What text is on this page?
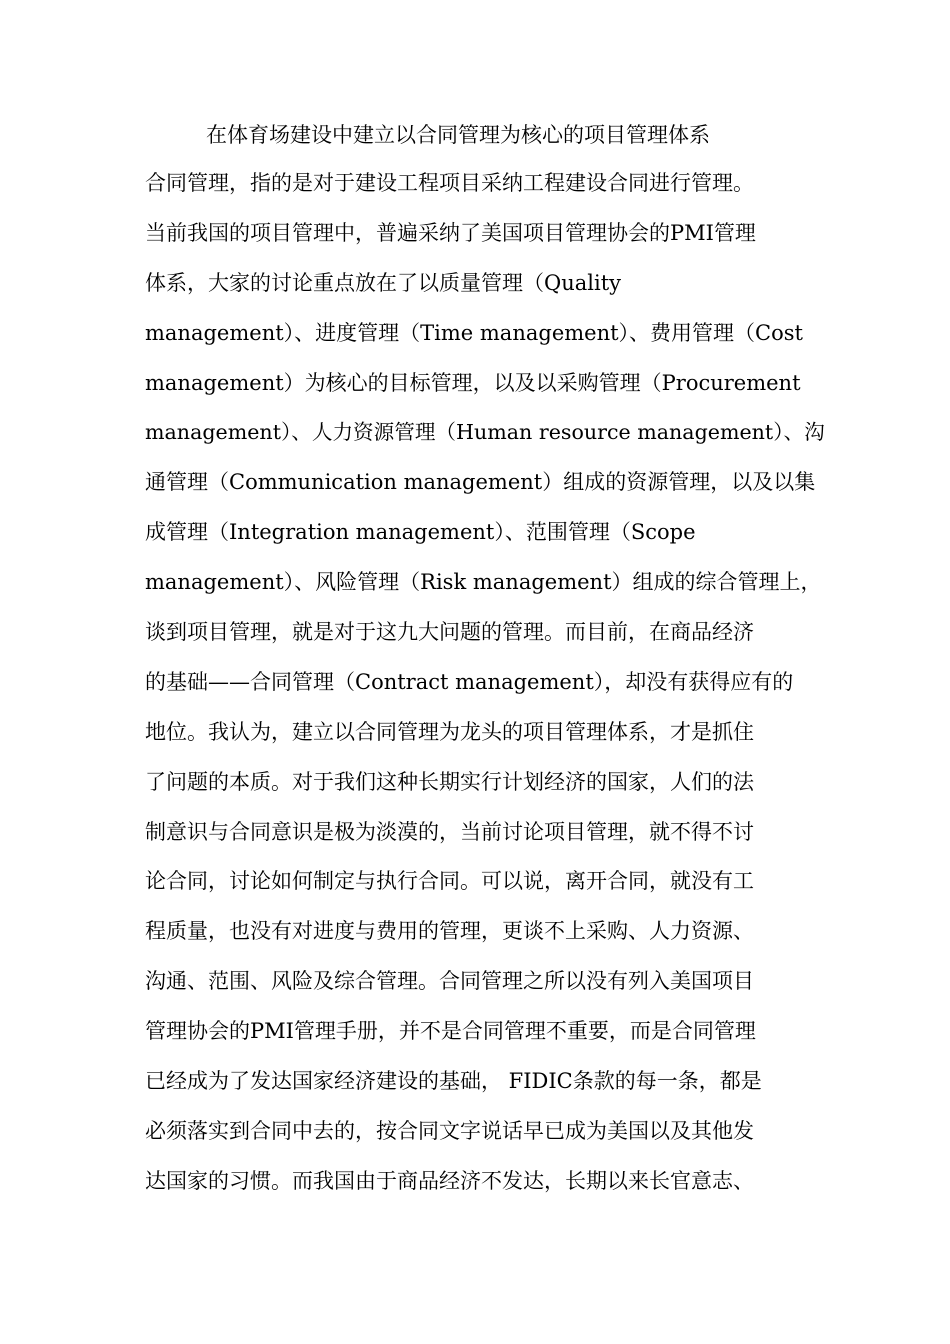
在体育场建设中建立以合同管理为核心的项目管理体系
合同管理，指的是对于建设工程项目采纳工程建设合同进行管理。
当前我国的项目管理中，普遍采纳了美国项目管理协会的PMI管理
体系，大家的讨论重点放在了以质量管理（Quality
management）、进度管理（Time management）、费用管理（Cost
management）为核心的目标管理，以及以采购管理（Procurement
management）、人力资源管理（Human resource management）、沟
通管理（Communication management）组成的资源管理，以及以集
成管理（Integration management）、范围管理（Scope
management）、风险管理（Risk management）组成的综合管理上，
谈到项目管理，就是对于这九大问题的管理。而目前，在商品经济
的基础——合同管理（Contract management），却没有获得应有的
地位。我认为，建立以合同管理为龙头的项目管理体系，才是抓住
了问题的本质。对于我们这种长期实行计划经济的国家，人们的法
制意识与合同意识是极为淡漠的，当前讨论项目管理，就不得不讨
论合同，讨论如何制定与执行合同。可以说，离开合同，就没有工
程质量，也没有对进度与费用的管理，更谈不上采购、人力资源、
沟通、范围、风险及综合管理。合同管理之所以没有列入美国项目
管理协会的PMI管理手册，并不是合同管理不重要，而是合同管理
已经成为了发达国家经济建设的基础， FIDIC条款的每一条，都是
必须落实到合同中去的，按合同文字说话早已成为美国以及其他发
达国家的习惯。而我国由于商品经济不发达，长期以来长官意志、
